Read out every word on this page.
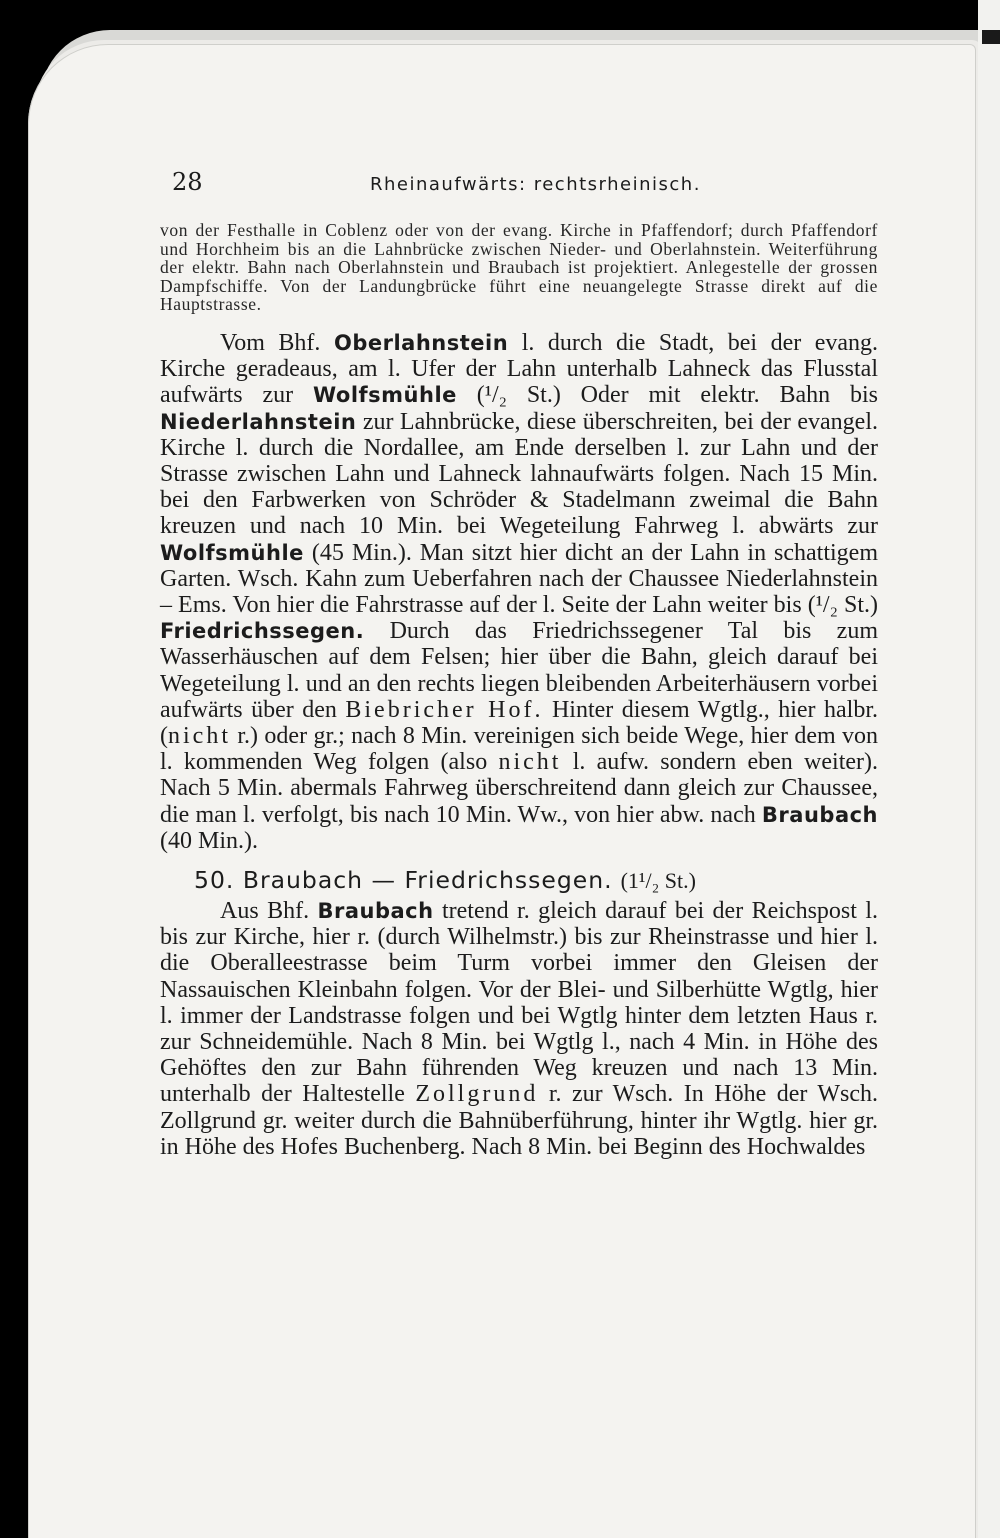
28	Rheinaufwärts: rechtsrheinisch.

von der Festhalle in Coblenz oder von der evang. Kirche in Pfaffendorf; durch Pfaffendorf und Horchheim bis an die Lahnbrücke zwischen Nieder- und Oberlahnstein. Weiterführung der elektr. Bahn nach Oberlahnstein und Braubach ist projektiert. Anlegestelle der grossen Dampfschiffe. Von der Landungbrücke führt eine neuangelegte Strasse direkt auf die Hauptstrasse.

Vom Bhf. Oberlahnstein l. durch die Stadt, bei der evang. Kirche geradeaus, am l. Ufer der Lahn unterhalb Lahneck das Flusstal aufwärts zur Wolfsmühle (¹/₂ St.) Oder mit elektr. Bahn bis Niederlahnstein zur Lahnbrücke, diese überschreiten, bei der evangel. Kirche l. durch die Nordallee, am Ende derselben l. zur Lahn und der Strasse zwischen Lahn und Lahneck lahnaufwärts folgen. Nach 15 Min. bei den Farbwerken von Schröder & Stadelmann zweimal die Bahn kreuzen und nach 10 Min. bei Wegeteilung Fahrweg l. abwärts zur Wolfsmühle (45 Min.). Man sitzt hier dicht an der Lahn in schattigem Garten. Wsch. Kahn zum Ueberfahren nach der Chaussee Niederlahnstein – Ems. Von hier die Fahrstrasse auf der l. Seite der Lahn weiter bis (¹/₂ St.) Friedrichssegen. Durch das Friedrichssegener Tal bis zum Wasserhäuschen auf dem Felsen; hier über die Bahn, gleich darauf bei Wegeteilung l. und an den rechts liegen bleibenden Arbeiterhäusern vorbei aufwärts über den Biebricher Hof. Hinter diesem Wgtlg., hier halbr. (nicht r.) oder gr.; nach 8 Min. vereinigen sich beide Wege, hier dem von l. kommenden Weg folgen (also nicht l. aufw. sondern eben weiter). Nach 5 Min. abermals Fahrweg überschreitend dann gleich zur Chaussee, die man l. verfolgt, bis nach 10 Min. Ww., von hier abw. nach Braubach (40 Min.).

50. Braubach — Friedrichssegen. (1¹/₂ St.)

Aus Bhf. Braubach tretend r. gleich darauf bei der Reichspost l. bis zur Kirche, hier r. (durch Wilhelmstr.) bis zur Rheinstrasse und hier l. die Oberalleestrasse beim Turm vorbei immer den Gleisen der Nassauischen Kleinbahn folgen. Vor der Blei- und Silberhütte Wgtlg, hier l. immer der Landstrasse folgen und bei Wgtlg hinter dem letzten Haus r. zur Schneidemühle. Nach 8 Min. bei Wgtlg l., nach 4 Min. in Höhe des Gehöftes den zur Bahn führenden Weg kreuzen und nach 13 Min. unterhalb der Haltestelle Zollgrund r. zur Wsch. In Höhe der Wsch. Zollgrund gr. weiter durch die Bahnüberführung, hinter ihr Wgtlg. hier gr. in Höhe des Hofes Buchenberg. Nach 8 Min. bei Beginn des Hochwaldes
